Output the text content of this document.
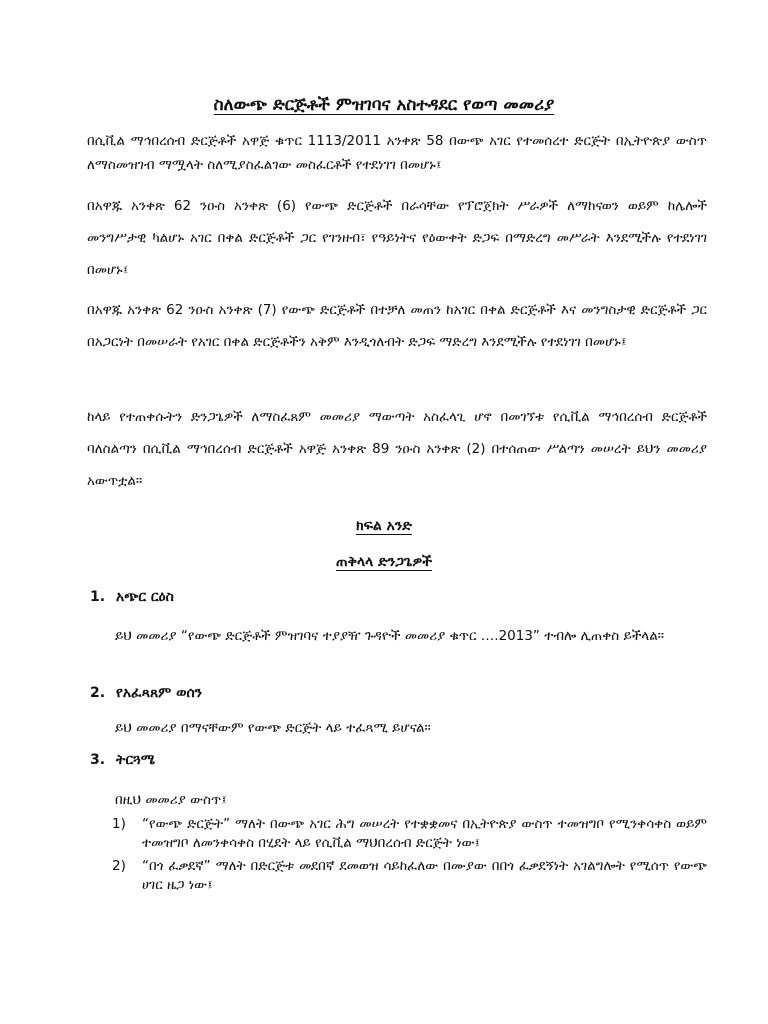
ስለውጭ ድርጅቶች ምዝገባና አስተዳደር የወጣ መመሪያ
በሲቪል ማኅበረሰብ ድርጅቶች አዋጅ ቁጥር 1113/2011 አንቀጽ 58 በውጭ አገር የተመሰረተ ድርጅት በኢትዮጵያ ውስጥ ለማስመዝገብ ማሟላት ስለሚያስፈልገው መስፈርቶች የተደነገገ በመሆኑ፤
በአዋጁ አንቀጽ 62 ንዑስ አንቀጽ (6) የውጭ ድርጅቶች በራሳቸው የፕሮጀክት ሥራዎች ለማከናወን ወይም ከሌሎች መንግሥታዊ ካልሆኑ አገር በቀል ድርጅቶች ጋር የገንዘብ፣ የዓይነትና የዕውቀት ድጋፍ በማድረግ መሥራት እንደሚችሉ የተደነገገ በመሆኑ፤
በአዋጁ አንቀጽ 62 ንዑስ አንቀጽ (7) የውጭ ድርጅቶች በተቻለ መጠን ከአገር በቀል ድርጅቶች እና መንግስታዊ ድርጅቶች ጋር በአጋርነት በመሠራት የአገር በቀል ድርጅቶችን አቅም እንዲጎለብት ድጋፍ ማድረግ እንደሚችሉ የተደነገገ በመሆኑ፤
ከላይ የተጠቀሱትን ድንጋጌዎች ለማስፈጸም መመሪያ ማውጣት አስፈላጊ ሆኖ በመገኘቱ የሲቪል ማኅበረሰብ ድርጅቶች ባለስልጣን በሲቪል ማኅበረሰብ ድርጅቶች አዋጅ አንቀጽ 89 ንዑስ አንቀጽ (2) በተሰጠው ሥልጣን መሠረት ይህን መመሪያ አውጥቷል።
ክፍል አንድ
ጠቅላላ ድንጋጌዎች
1. አጭር ርዕስ
ይህ መመሪያ “የውጭ ድርጅቶች ምዝገባና ተያያዥ ጉዳዮች መመሪያ ቁጥር ….2013” ተብሎ ሊጠቀስ ይችላል።
2. የአፈጻጸም ወሰን
ይህ መመሪያ በማናቸውም የውጭ ድርጅት ላይ ተፈጻሚ ይሆናል።
3. ትርጓሜ
በዚህ መመሪያ ውስጥ፤
1)	“የውጭ ድርጅት” ማለት በውጭ አገር ሕግ መሠረት የተቋቋመና በኢትዮጵያ ውስጥ ተመዝግቦ የሚንቀሳቀስ ወይም ተመዝግቦ ለመንቀሳቀስ በሂደት ላይ የሲቪል ማህበረሰብ ድርጅት ነው፤
2)	“በጎ ፈቃደኛ” ማለት በድርጅቱ መደበኛ ደመወዝ ሳይከፈለው በሙያው በበጎ ፈቃደኝነት አገልግሎት የሚሰጥ የውጭ ሀገር ዜጋ ነው፤
